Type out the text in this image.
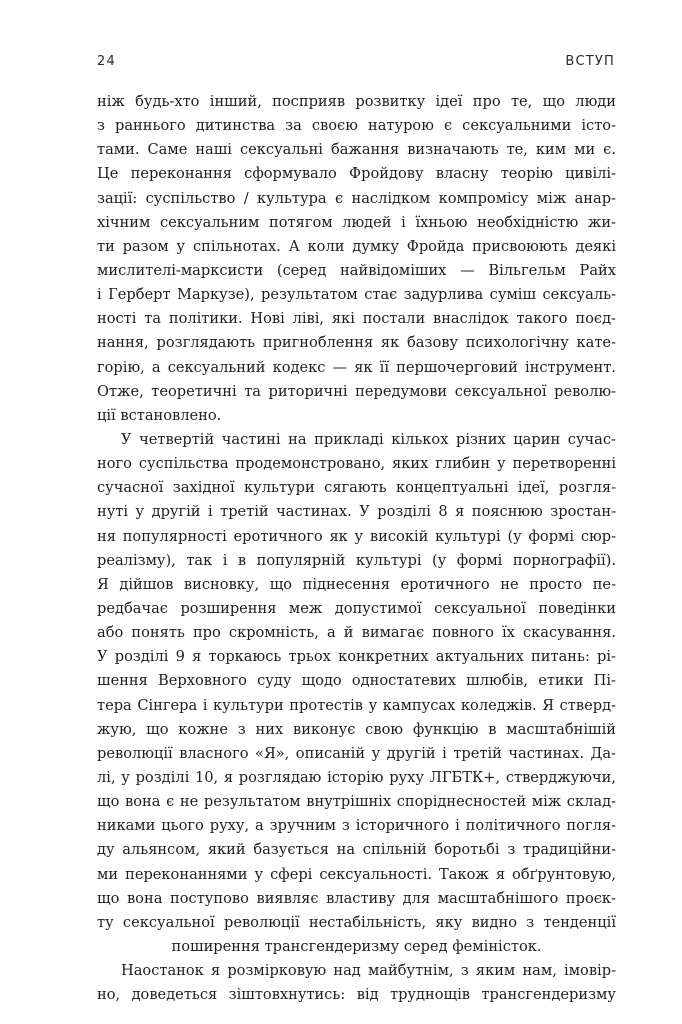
24	ВСТУП
ніж будь-хто інший, посприяв розвитку ідеї про те, що люди
з раннього дитинства за своєю натурою є сексуальними істо-
тами. Саме наші сексуальні бажання визначають те, ким ми є.
Це переконання сформувало Фройдову власну теорію цивілі-
зації: суспільство / культура є наслідком компромісу між анар-
хічним сексуальним потягом людей і їхньою необхідністю жи-
ти разом у спільнотах. А коли думку Фройда присвоюють деякі
мислителі-марксисти (серед найвідоміших — Вільгельм Райх
і Герберт Маркузе), результатом стає задурлива суміш сексуаль-
ності та політики. Нові ліві, які постали внаслідок такого поєд-
нання, розглядають пригноблення як базову психологічну кате-
горію, а сексуальний кодекс — як її першочерговий інструмент.
Отже, теоретичні та риторичні передумови сексуальної револю-
ції встановлено.
У четвертій частині на прикладі кількох різних царин сучас-
ного суспільства продемонстровано, яких глибин у перетворенні
сучасної західної культури сягають концептуальні ідеї, розгля-
нуті у другій і третій частинах. У розділі 8 я пояснюю зростан-
ня популярності еротичного як у високій культурі (у формі сюр-
реалізму), так і в популярній культурі (у формі порнографії).
Я дійшов висновку, що піднесення еротичного не просто пе-
редбачає розширення меж допустимої сексуальної поведінки
або понять про скромність, а й вимагає повного їх скасування.
У розділі 9 я торкаюсь трьох конкретних актуальних питань: рі-
шення Верховного суду щодо одностатевих шлюбів, етики Пі-
тера Сінгера і культури протестів у кампусах коледжів. Я стверд-
жую, що кожне з них виконує свою функцію в масштабнішій
революції власного «Я», описаній у другій і третій частинах. Да-
лі, у розділі 10, я розглядаю історію руху ЛГБТК+, стверджуючи,
що вона є не результатом внутрішніх споріднесностей між склад-
никами цього руху, а зручним з історичного і політичного погля-
ду альянсом, який базується на спільній боротьбі з традиційни-
ми переконаннями у сфері сексуальності. Також я обґрунтовую,
що вона поступово виявляє властиву для масштабнішого проєк-
ту сексуальної революції нестабільність, яку видно з тенденції
поширення трансгендеризму серед феміністок.
Наостанок я розмірковую над майбутнім, з яким нам, імовір-
но, доведеться зіштовхнутись: від труднощів трансгендеризму
